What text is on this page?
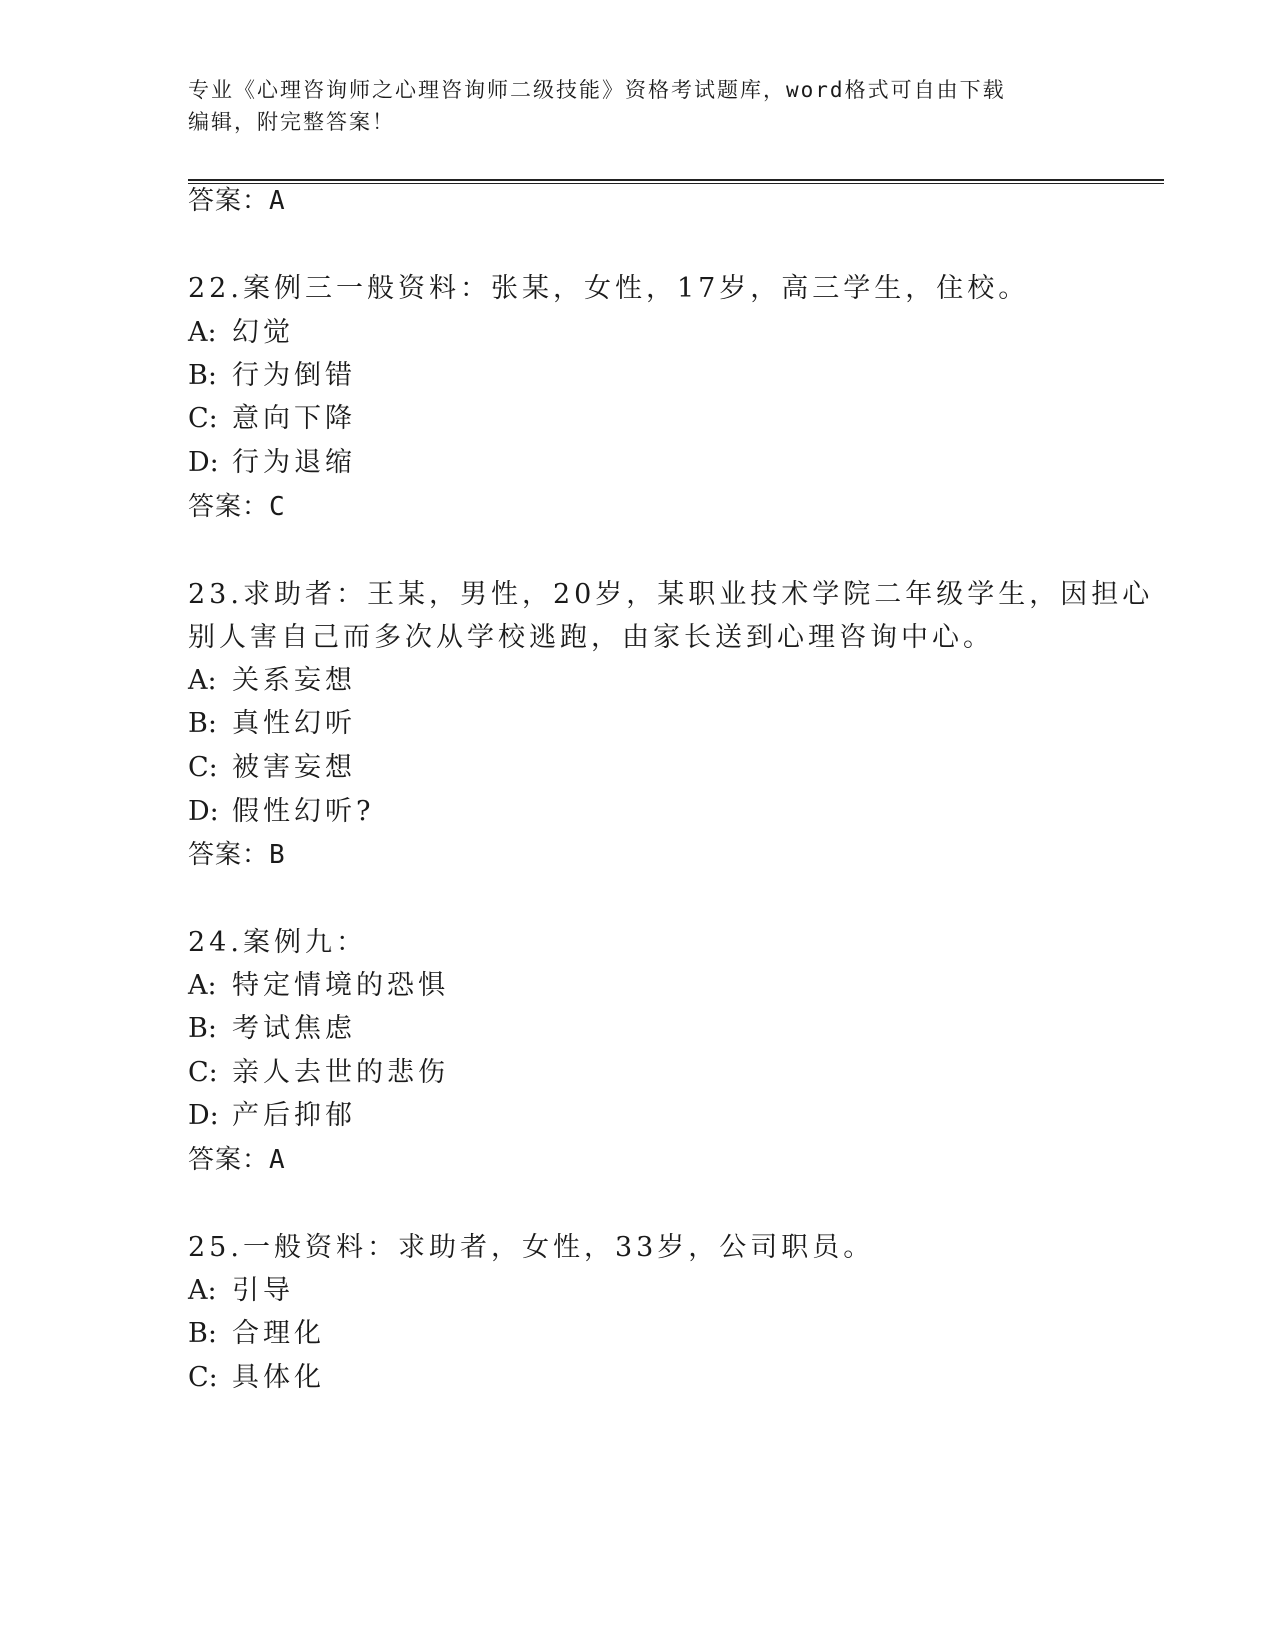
专业《心理咨询师之心理咨询师二级技能》资格考试题库，word格式可自由下载
编辑，附完整答案！
答案：A
22.案例三一般资料：张某，女性，17岁，高三学生，住校。
A: 幻觉
B: 行为倒错
C: 意向下降
D: 行为退缩
答案：C
23.求助者：王某，男性，20岁，某职业技术学院二年级学生，因担心
别人害自己而多次从学校逃跑，由家长送到心理咨询中心。
A: 关系妄想
B: 真性幻听
C: 被害妄想
D: 假性幻听?
答案：B
24.案例九：
A: 特定情境的恐惧
B: 考试焦虑
C: 亲人去世的悲伤
D: 产后抑郁
答案：A
25.一般资料：求助者，女性，33岁，公司职员。
A: 引导
B: 合理化
C: 具体化
